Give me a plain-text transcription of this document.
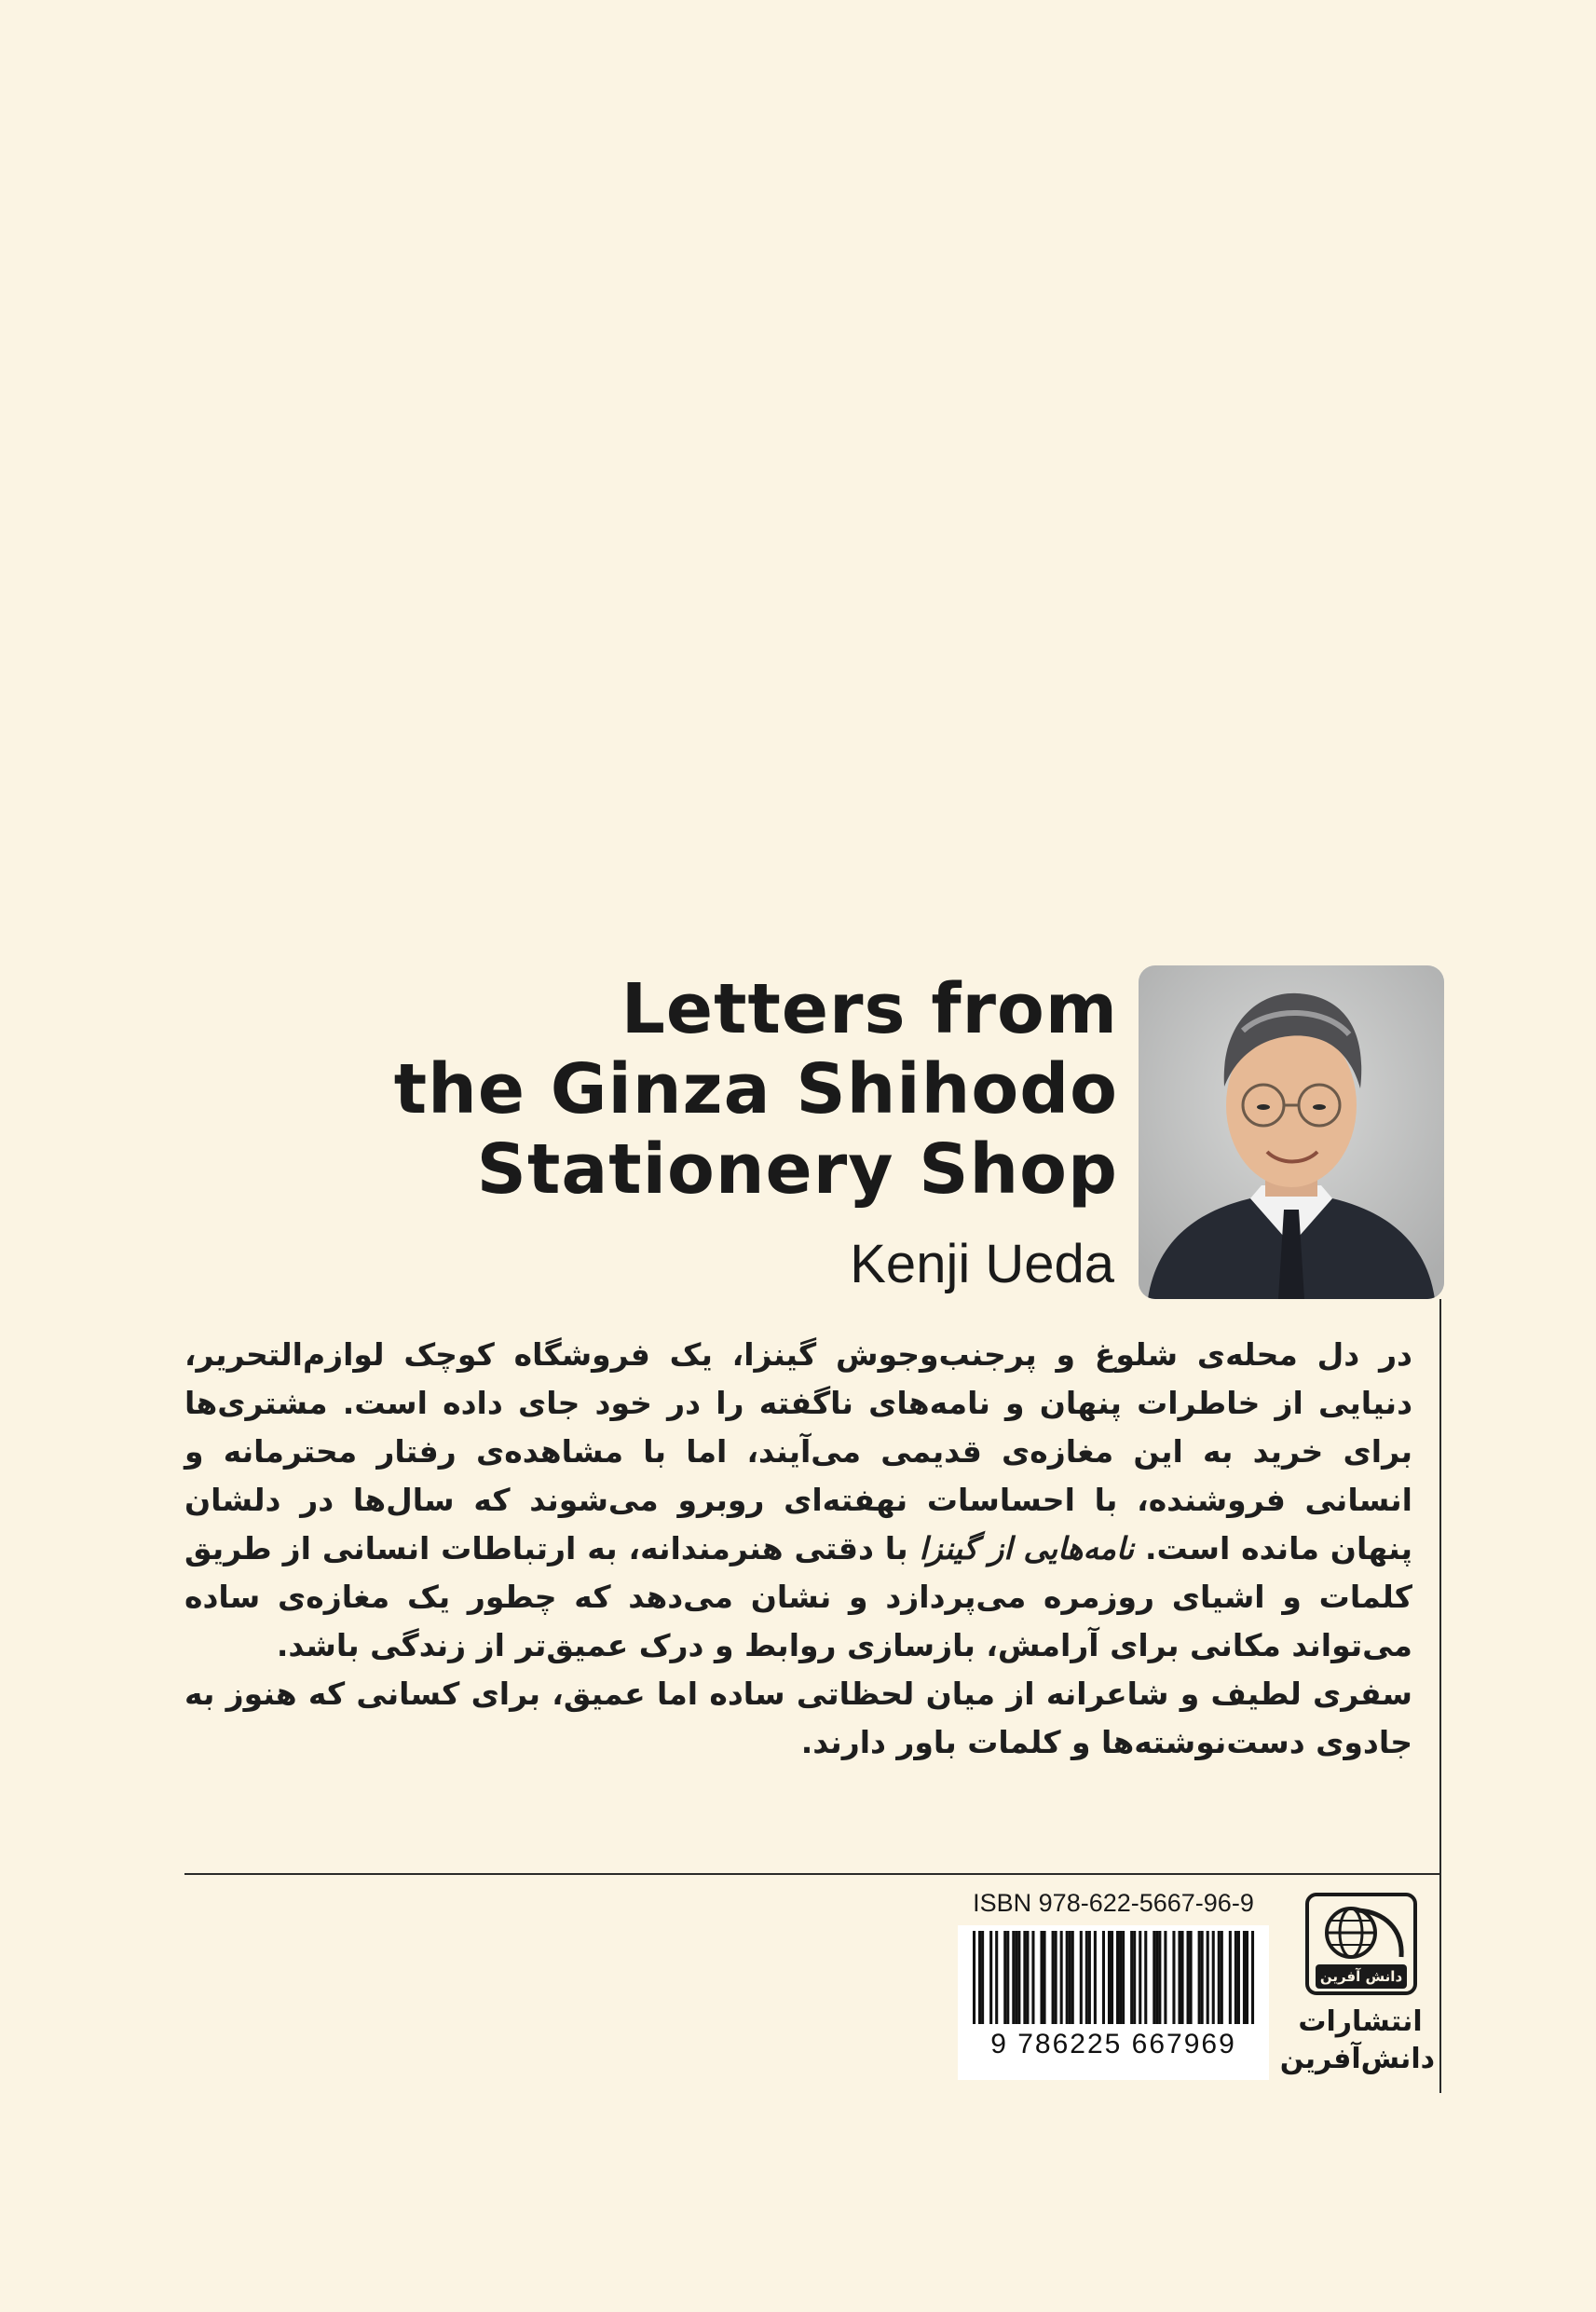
Letters from
the Ginza Shihodo
Stationery Shop
Kenji Ueda

در دل محله‌ی شلوغ و پرجنب‌وجوش گینزا، یک فروشگاه کوچک لوازم‌التحریر، دنیایی از خاطرات پنهان و نامه‌های ناگفته را در خود جای داده است. مشتری‌ها برای خرید به این مغازه‌ی قدیمی می‌آیند، اما با مشاهده‌ی رفتار محترمانه و انسانی فروشنده، با احساسات نهفته‌ای روبرو می‌شوند که سال‌ها در دلشان پنهان مانده است. نامه‌هایی از گینزا با دقتی هنرمندانه، به ارتباطات انسانی از طریق کلمات و اشیای روزمره می‌پردازد و نشان می‌دهد که چطور یک مغازه‌ی ساده می‌تواند مکانی برای آرامش، بازسازی روابط و درک عمیق‌تر از زندگی باشد.

سفری لطیف و شاعرانه از میان لحظاتی ساده اما عمیق، برای کسانی که هنوز به جادوی دست‌نوشته‌ها و کلمات باور دارند.

ISBN 978-622-5667-96-9
9 786225 667969
دانش آفرین
انتشارات
دانش‌آفرین
